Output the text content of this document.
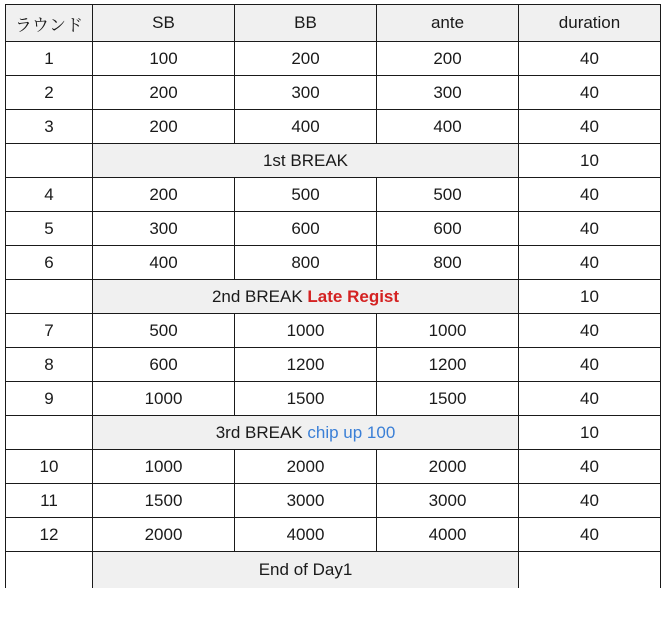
ラウンド	SB	BB	ante	duration
1	100	200	200	40
2	200	300	300	40
3	200	400	400	40
	1st BREAK			10
4	200	500	500	40
5	300	600	600	40
6	400	800	800	40
	2nd BREAK Late Regist			10
7	500	1000	1000	40
8	600	1200	1200	40
9	1000	1500	1500	40
	3rd BREAK chip up 100			10
10	1000	2000	2000	40
11	1500	3000	3000	40
12	2000	4000	4000	40
	End of Day1			
